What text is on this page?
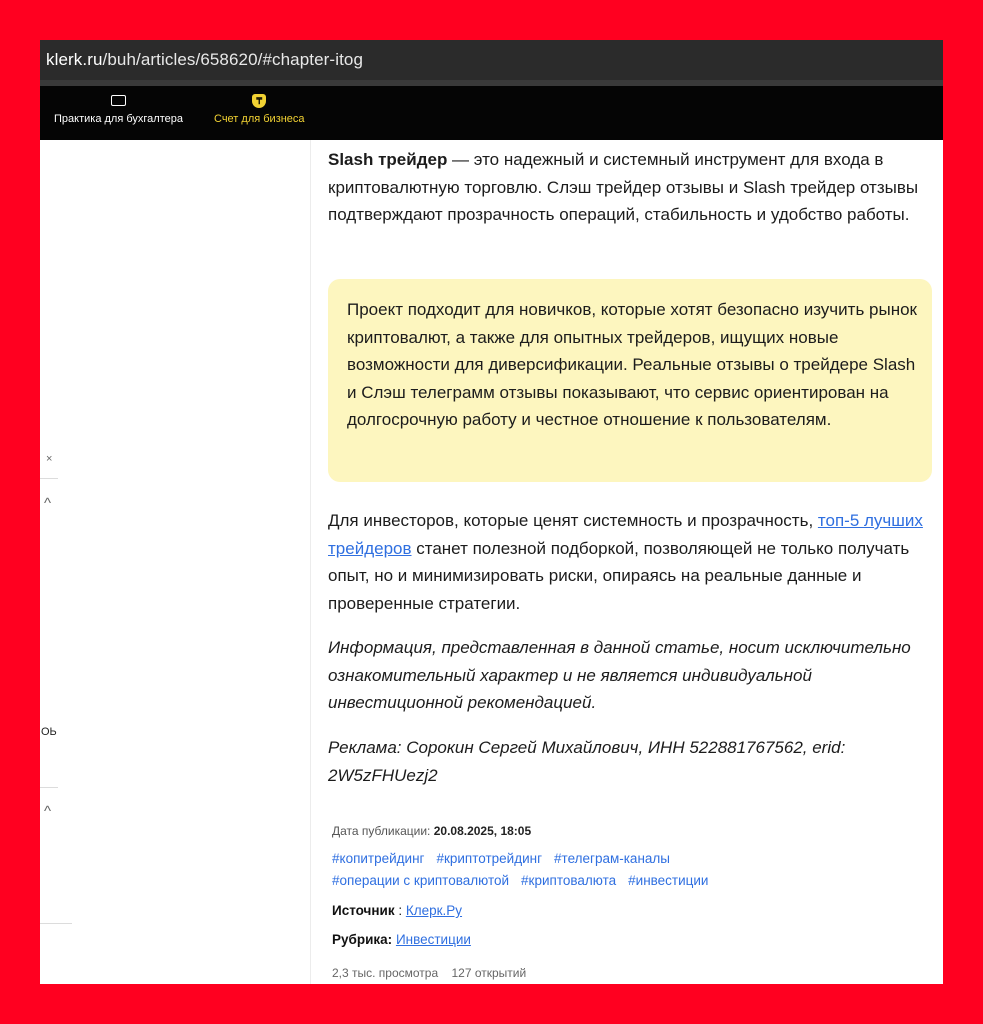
klerk.ru/buh/articles/658620/#chapter-itog
Практика для бухгалтера
₸
Счет для бизнеса
×
^
ОЬ
^

Slash трейдер — это надежный и системный инструмент для входа в криптовалютную торговлю. Слэш трейдер отзывы и Slash трейдер отзывы подтверждают прозрачность операций, стабильность и удобство работы.

Проект подходит для новичков, которые хотят безопасно изучить рынок криптовалют, а также для опытных трейдеров, ищущих новые возможности для диверсификации. Реальные отзывы о трейдере Slash и Слэш телеграмм отзывы показывают, что сервис ориентирован на долгосрочную работу и честное отношение к пользователям.

Для инвесторов, которые ценят системность и прозрачность, топ-5 лучших трейдеров станет полезной подборкой, позволяющей не только получать опыт, но и минимизировать риски, опираясь на реальные данные и проверенные стратегии.

Информация, представленная в данной статье, носит исключительно ознакомительный характер и не является индивидуальной инвестиционной рекомендацией.

Реклама: Сорокин Сергей Михайлович, ИНН 522881767562, erid: 2W5zFHUezj2

Дата публикации: 20.08.2025, 18:05
#копитрейдинг #криптотрейдинг #телеграм-каналы
#операции с криптовалютой #криптовалюта #инвестиции
Источник : Клерк.Ру
Рубрика: Инвестиции
2,3 тыс. просмотра 127 открытий
